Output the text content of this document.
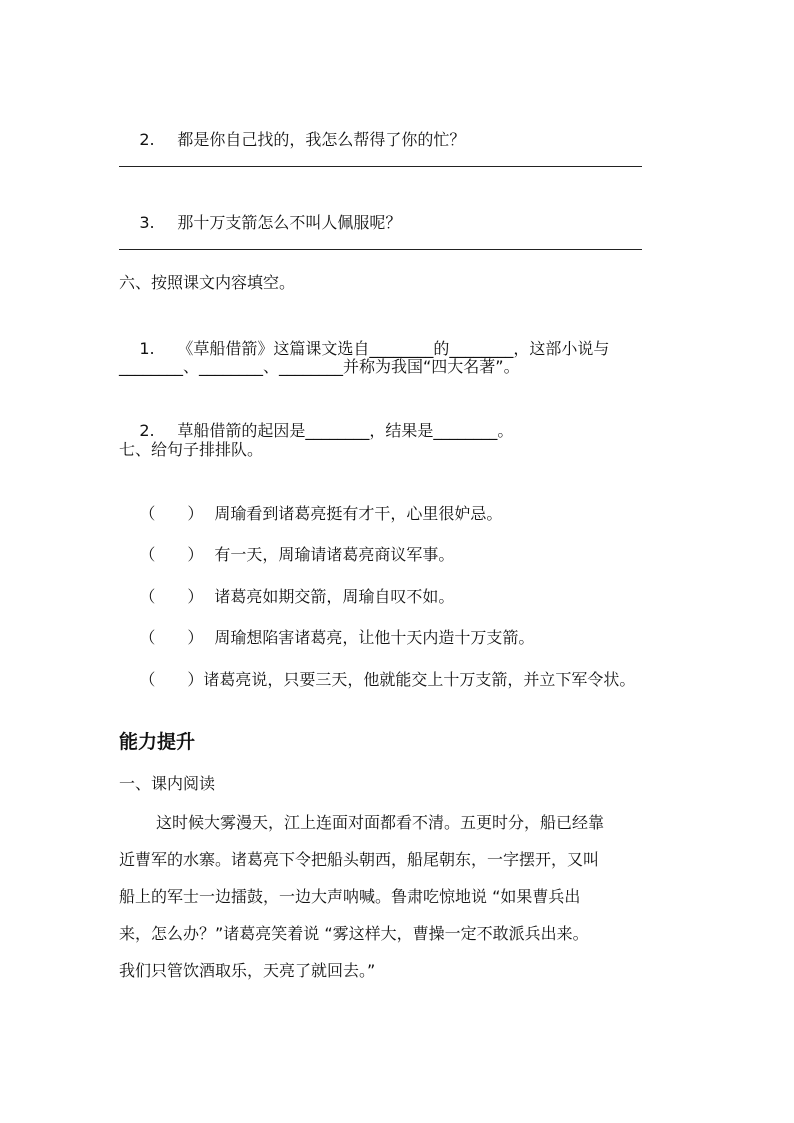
2. 都是你自己找的，我怎么帮得了你的忙？

3. 那十万支箭怎么不叫人佩服呢？

六、按照课文内容填空。

1. 《草船借箭》这篇课文选自________的________，这部小说与

________、________、________并称为我国“四大名著”。

2. 草船借箭的起因是________，结果是________。

七、给句子排排队。

（　　） 周瑜看到诸葛亮挺有才干，心里很妒忌。

（　　） 有一天，周瑜请诸葛亮商议军事。

（　　） 诸葛亮如期交箭，周瑜自叹不如。

（　　） 周瑜想陷害诸葛亮，让他十天内造十万支箭。

（　　）诸葛亮说，只要三天，他就能交上十万支箭，并立下军令状。

能力提升
一、课内阅读

这时候大雾漫天，江上连面对面都看不清。五更时分，船已经靠

近曹军的水寨。诸葛亮下令把船头朝西，船尾朝东，一字摆开，又叫

船上的军士一边擂鼓，一边大声呐喊。鲁肃吃惊地说 “如果曹兵出

来，怎么办？”诸葛亮笑着说 “雾这样大，曹操一定不敢派兵出来。

我们只管饮酒取乐，天亮了就回去。”
